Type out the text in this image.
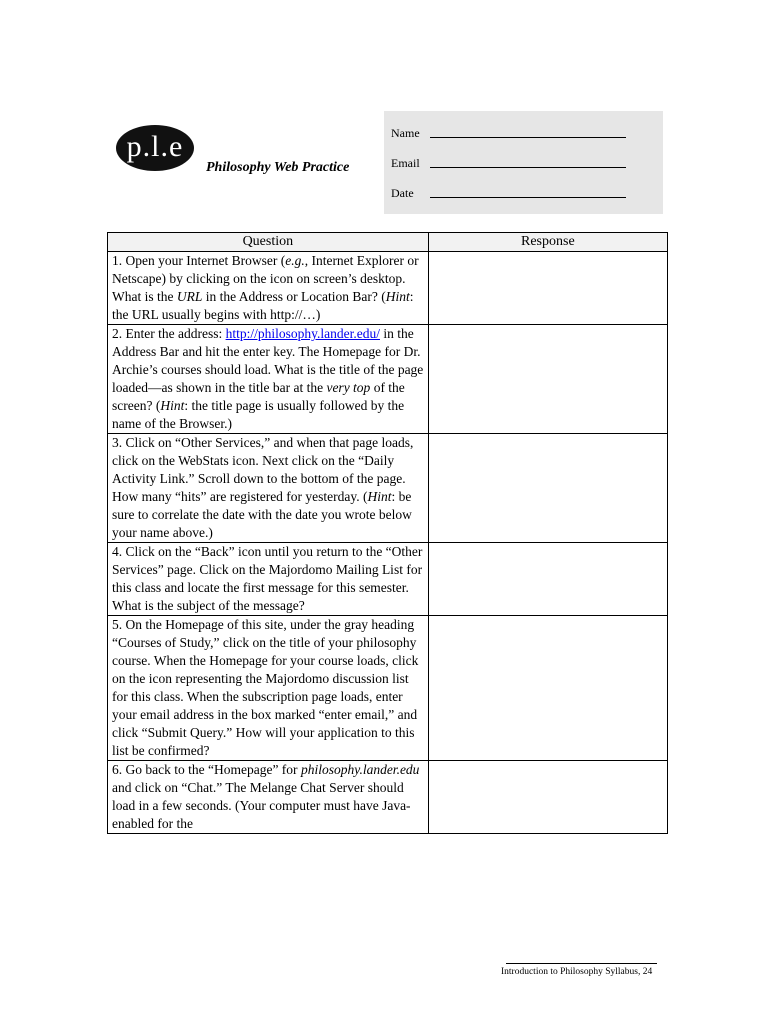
p.l.e
Philosophy Web Practice
Name
Email
Date
Question	Response
1. Open your Internet Browser (e.g., Internet Explorer or Netscape) by clicking on the icon on screen’s desktop. What is the URL in the Address or Location Bar? (Hint: the URL usually begins with http://…)	
2. Enter the address: http://philosophy.lander.edu/ in the Address Bar and hit the enter key. The Homepage for Dr. Archie’s courses should load. What is the title of the page loaded—as shown in the title bar at the very top of the screen? (Hint: the title page is usually followed by the name of the Browser.)	
3. Click on “Other Services,” and when that page loads, click on the WebStats icon. Next click on the “Daily Activity Link.” Scroll down to the bottom of the page. How many “hits” are registered for yesterday. (Hint: be sure to correlate the date with the date you wrote below your name above.)	
4. Click on the “Back” icon until you return to the “Other Services” page. Click on the Majordomo Mailing List for this class and locate the first message for this semester. What is the subject of the message?	
5. On the Homepage of this site, under the gray heading “Courses of Study,” click on the title of your philosophy course. When the Homepage for your course loads, click on the icon representing the Majordomo discussion list for this class. When the subscription page loads, enter your email address in the box marked “enter email,” and click “Submit Query.” How will your application to this list be confirmed?	
6. Go back to the “Homepage” for philosophy.lander.edu and click on “Chat.” The Melange Chat Server should load in a few seconds. (Your computer must have Java-enabled for the	
Introduction to Philosophy Syllabus, 24
